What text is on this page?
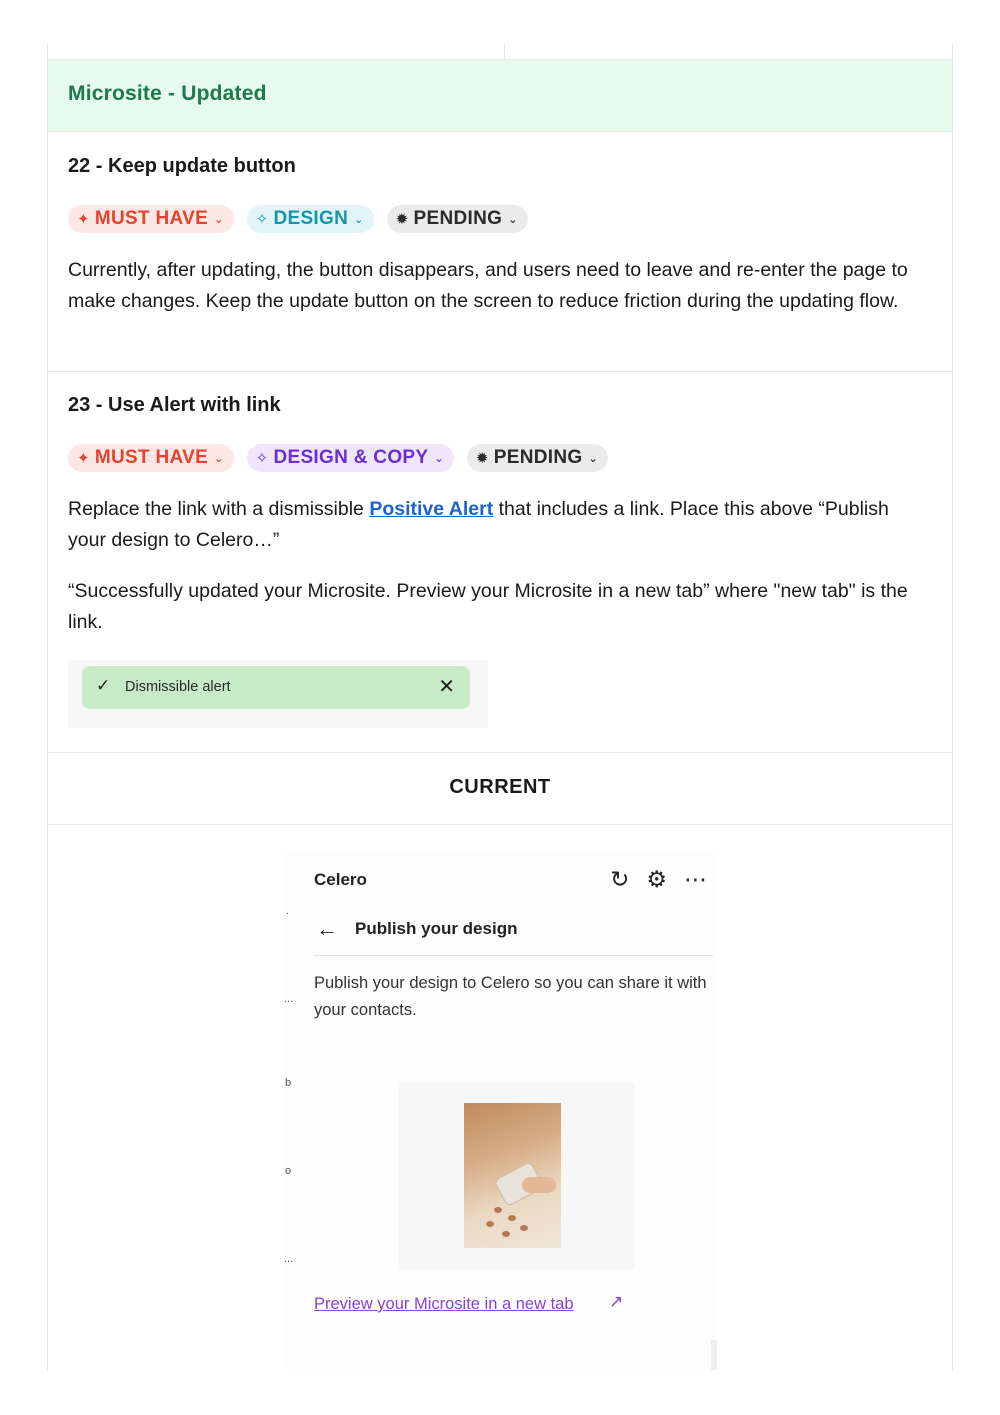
Microsite - Updated
22 - Keep update button
✦ MUST HAVE ⌄ ✧ DESIGN ⌄ ✹ PENDING ⌄
Currently, after updating, the button disappears, and users need to leave and re-enter the page to make changes. Keep the update button on the screen to reduce friction during the updating flow.
23 - Use Alert with link
✦ MUST HAVE ⌄ ✧ DESIGN & COPY ⌄ ✹ PENDING ⌄
Replace the link with a dismissible Positive Alert that includes a link. Place this above “Publish your design to Celero…”
“Successfully updated your Microsite. Preview your Microsite in a new tab” where "new tab" is the link.
✓ Dismissible alert	✕
CURRENT
.
...
b
o
...
Celero	↻ ⚙ ⋯
← Publish your design
Publish your design to Celero so you can share it with your contacts.
Preview your Microsite in a new tab ↗
